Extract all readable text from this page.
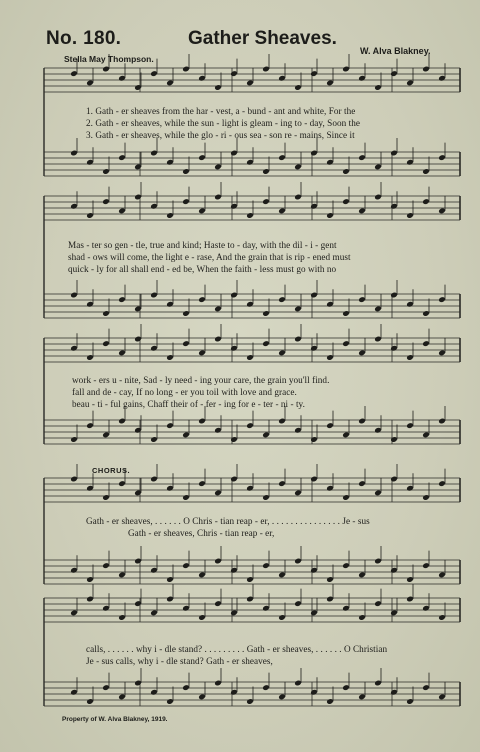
No. 180.	Gather Sheaves.
Stella May Thompson.
W. Alva Blakney.
1. Gath - er sheaves from the har - vest, a - bund - ant and white, For the
2. Gath - er sheaves, while the sun - light is gleam - ing to - day, Soon the
3. Gath - er sheaves, while the glo - ri - ous sea - son re - mains, Since it
Mas - ter so gen - tle, true and kind; Haste to - day, with the dil - i - gent
shad - ows will come, the light e - rase, And the grain that is rip - ened must
quick - ly for all shall end - ed be, When the faith - less must go with no
work - ers u - nite, Sad - ly need - ing your care, the grain you'll find.
fall and de - cay, If no long - er you toil with love and grace.
beau - ti - ful gains, Chaff their of - fer - ing for e - ter - ni - ty.
CHORUS.
Gath - er sheaves, . . . . . . O Chris - tian reap - er, . . . . . . . . . . . . . . . Je - sus
Gath - er sheaves, Chris - tian reap - er,
calls, . . . . . . why i - dle stand? . . . . . . . . . Gath - er sheaves, . . . . . . O Christian
Je - sus calls, why i - dle stand? Gath - er sheaves,
Property of W. Alva Blakney, 1919.
